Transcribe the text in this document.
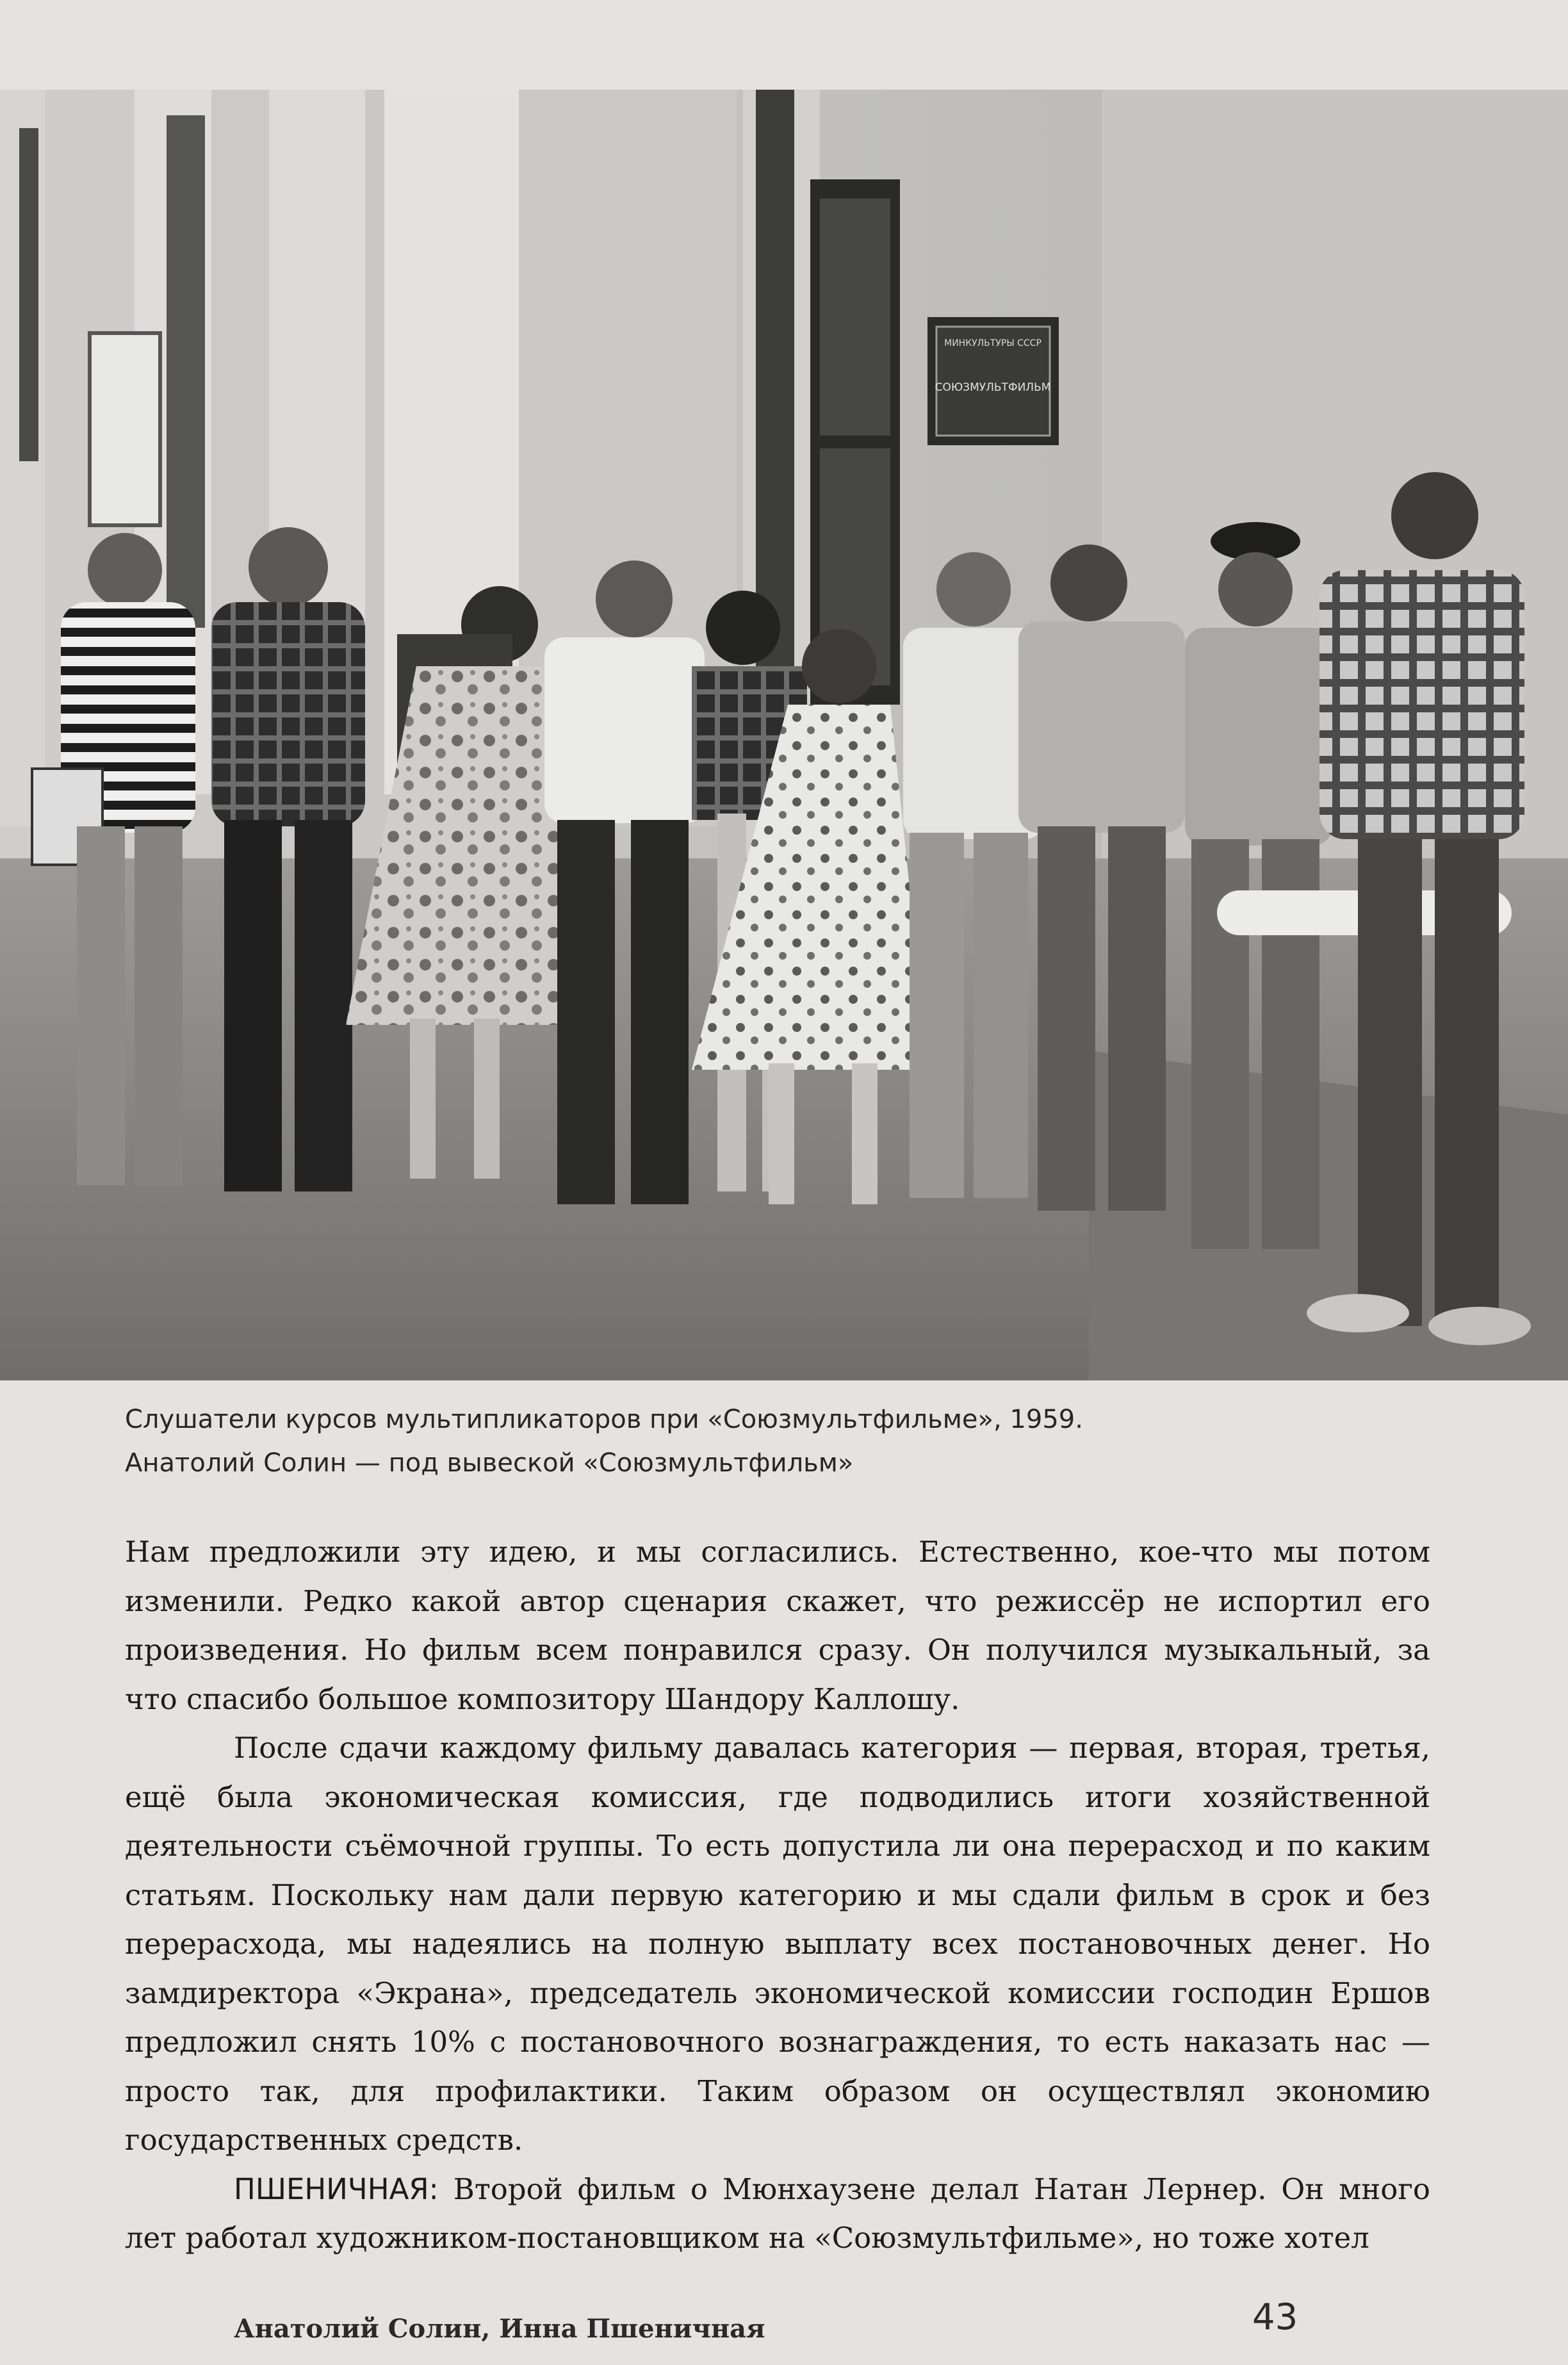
МИНКУЛЬТУРЫ СССР
СОЮЗМУЛЬТФИЛЬМ
Слушатели курсов мультипликаторов при «Союзмультфильме», 1959.
Анатолий Солин — под вывеской «Союзмультфильм»

Нам предложили эту идею, и мы согласились. Естественно, кое-что мы потом изменили. Редко какой автор сценария скажет, что режиссёр не испортил его произведения. Но фильм всем понравился сразу. Он получился музыкальный, за что спасибо большое композитору Шандору Каллошу.

После сдачи каждому фильму давалась категория — первая, вторая, третья, ещё была экономическая комиссия, где подводились итоги хозяйственной деятельности съёмочной группы. То есть допустила ли она перерасход и по каким статьям. Поскольку нам дали первую категорию и мы сдали фильм в срок и без перерасхода, мы надеялись на полную выплату всех постановочных денег. Но замдиректора «Экрана», председатель экономической комиссии господин Ершов предложил снять 10% с постановочного вознаграждения, то есть наказать нас — просто так, для профилактики. Таким образом он осуществлял экономию государственных средств.

ПШЕНИЧНАЯ: Второй фильм о Мюнхаузене делал Натан Лернер. Он много лет работал художником-постановщиком на «Союзмультфильме», но тоже хотел

Анатолий Солин, Инна Пшеничная	43
